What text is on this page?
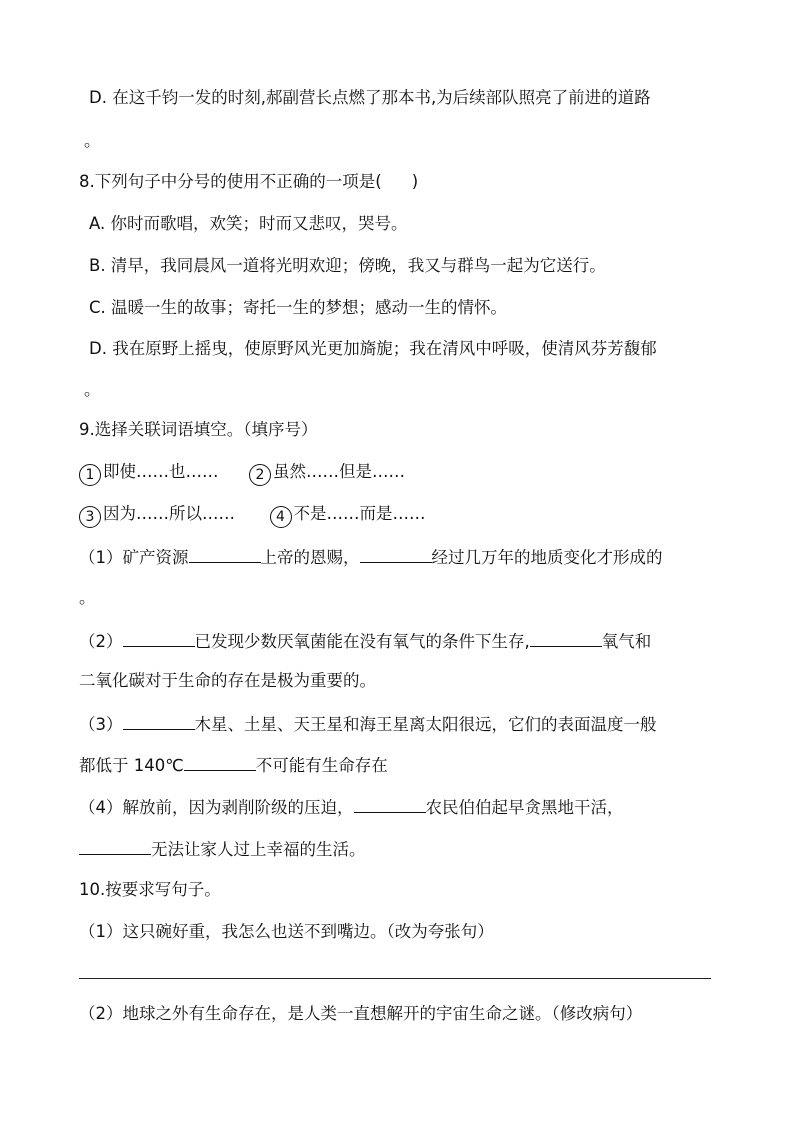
D. 在这千钧一发的时刻,郝副营长点燃了那本书,为后续部队照亮了前进的道路
。
8.下列句子中分号的使用不正确的一项是( )
A. 你时而歌唱，欢笑；时而又悲叹，哭号。
B. 清早，我同晨风一道将光明欢迎；傍晚，我又与群鸟一起为它送行。
C. 温暖一生的故事；寄托一生的梦想；感动一生的情怀。
D. 我在原野上摇曳，使原野风光更加旖旎；我在清风中呼吸，使清风芬芳馥郁
。
9.选择关联词语填空。（填序号）
1 即使……也……	2 虽然……但是……
3 因为……所以……	4 不是……而是……
（1）矿产资源	上帝的恩赐，	经过几万年的地质变化才形成的
。
（2）	已发现少数厌氧菌能在没有氧气的条件下生存,	氧气和
二氧化碳对于生命的存在是极为重要的。
（3）	木星、土星、天王星和海王星离太阳很远，它们的表面温度一般
都低于 140℃	不可能有生命存在
（4）解放前，因为剥削阶级的压迫，	农民伯伯起早贪黑地干活，
无法让家人过上幸福的生活。
10.按要求写句子。
（1）这只碗好重，我怎么也送不到嘴边。（改为夸张句）
（2）地球之外有生命存在，是人类一直想解开的宇宙生命之谜。（修改病句）
